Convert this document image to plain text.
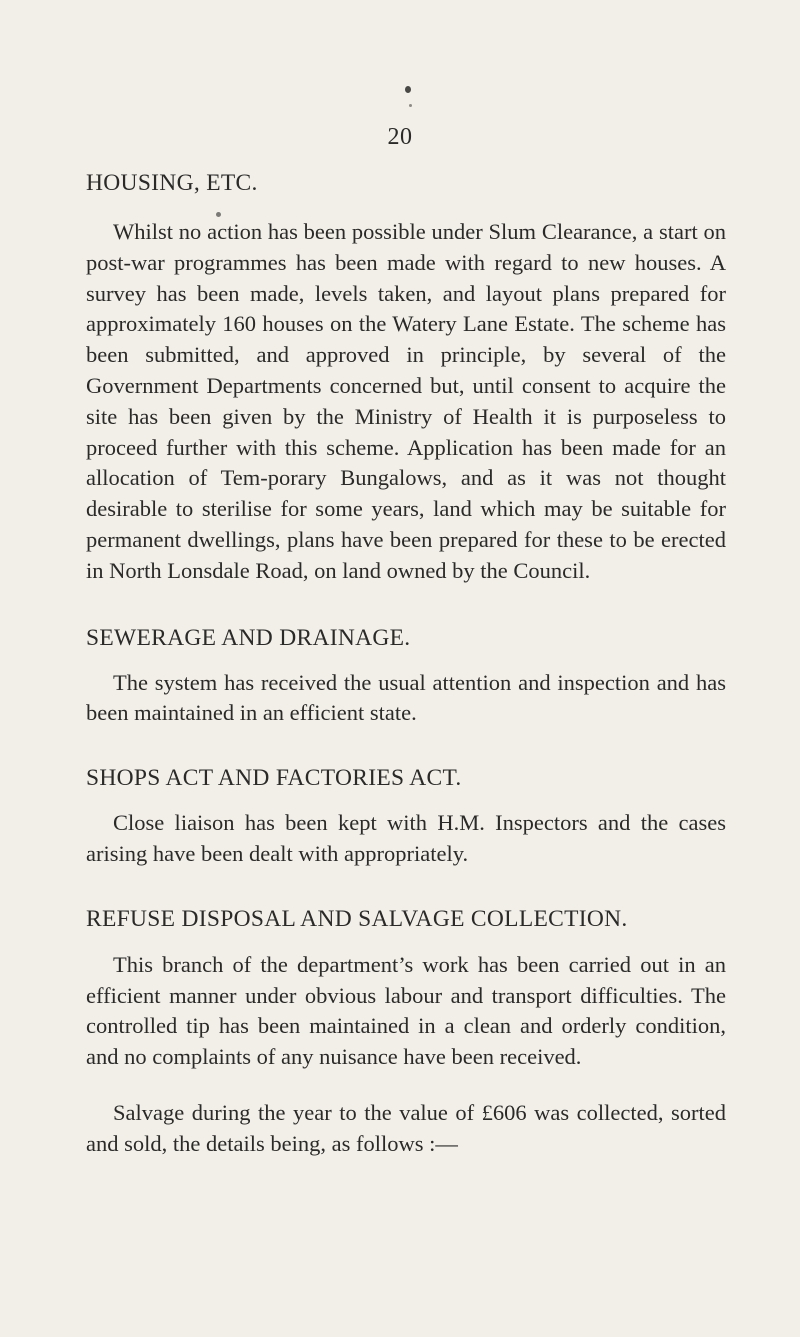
20
HOUSING, ETC.

Whilst no action has been possible under Slum Clearance, a start on post-war programmes has been made with regard to new houses. A survey has been made, levels taken, and layout plans prepared for approximately 160 houses on the Watery Lane Estate. The scheme has been submitted, and approved in principle, by several of the Government Departments concerned but, until consent to acquire the site has been given by the Ministry of Health it is purposeless to proceed further with this scheme. Application has been made for an allocation of Tem-porary Bungalows, and as it was not thought desirable to sterilise for some years, land which may be suitable for permanent dwellings, plans have been prepared for these to be erected in North Lonsdale Road, on land owned by the Council.

SEWERAGE AND DRAINAGE.

The system has received the usual attention and inspection and has been maintained in an efficient state.

SHOPS ACT AND FACTORIES ACT.

Close liaison has been kept with H.M. Inspectors and the cases arising have been dealt with appropriately.

REFUSE DISPOSAL AND SALVAGE COLLECTION.

This branch of the department’s work has been carried out in an efficient manner under obvious labour and transport difficulties. The controlled tip has been maintained in a clean and orderly condition, and no complaints of any nuisance have been received.

Salvage during the year to the value of £606 was collected, sorted and sold, the details being, as follows :—
